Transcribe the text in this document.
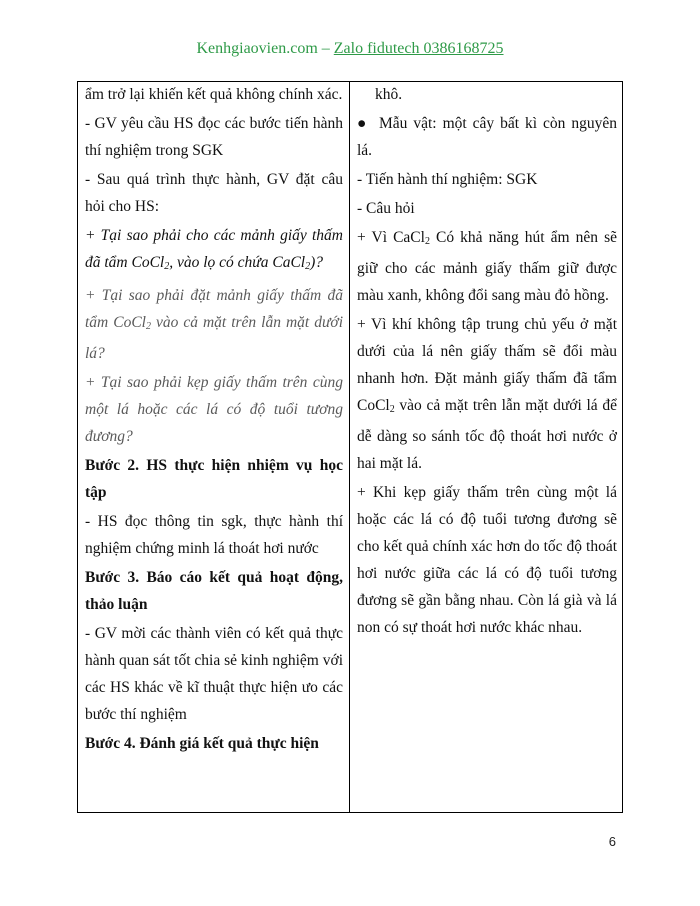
Kenhgiaovien.com – Zalo fidutech 0386168725

ẩm trở lại khiến kết quả không chính xác.

- GV yêu cầu HS đọc các bước tiến hành thí nghiệm trong SGK

- Sau quá trình thực hành, GV đặt câu hỏi cho HS:

+ Tại sao phải cho các mảnh giấy thấm đã tẩm CoCl$_2$, vào lọ có chứa CaCl$_2$)?

+ Tại sao phải đặt mảnh giấy thấm đã tẩm CoCl$_2$ vào cả mặt trên lẫn mặt dưới lá?

+ Tại sao phải kẹp giấy thấm trên cùng một lá hoặc các lá có độ tuổi tương đương?

Bước 2. HS thực hiện nhiệm vụ học tập

- HS đọc thông tin sgk, thực hành thí nghiệm chứng minh lá thoát hơi nước

Bước 3. Báo cáo kết quả hoạt động, thảo luận

- GV mời các thành viên có kết quả thực hành quan sát tốt chia sẻ kinh nghiệm với các HS khác về kĩ thuật thực hiện ưo các bước thí nghiệm

Bước 4. Đánh giá kết quả thực hiện

khô.

● Mẫu vật: một cây bất kì còn nguyên lá.

- Tiến hành thí nghiệm: SGK

- Câu hỏi

+ Vì CaCl$_2$ Có khả năng hút ẩm nên sẽ giữ cho các mảnh giấy thấm giữ được màu xanh, không đổi sang màu đỏ hồng.

+ Vì khí không tập trung chủ yếu ở mặt dưới của lá nên giấy thấm sẽ đổi màu nhanh hơn. Đặt mảnh giấy thấm đã tẩm CoCl$_2$ vào cả mặt trên lẫn mặt dưới lá để dễ dàng so sánh tốc độ thoát hơi nước ở hai mặt lá.

+ Khi kẹp giấy thấm trên cùng một lá hoặc các lá có độ tuổi tương đương sẽ cho kết quả chính xác hơn do tốc độ thoát hơi nước giữa các lá có độ tuổi tương đương sẽ gần bằng nhau. Còn lá già và lá non có sự thoát hơi nước khác nhau.

6
